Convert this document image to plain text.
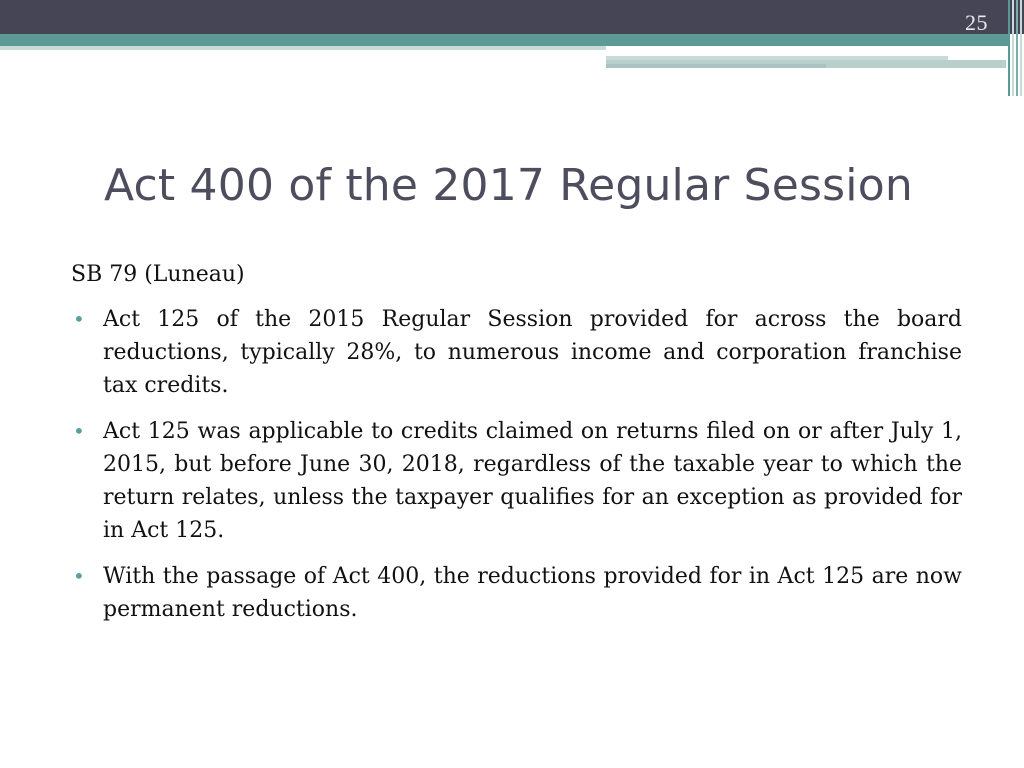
25
Act 400 of the 2017 Regular Session
SB 79 (Luneau)
• Act 125 of the 2015 Regular Session provided for across the board reductions, typically 28%, to numerous income and corporation franchise tax credits.
• Act 125 was applicable to credits claimed on returns filed on or after July 1, 2015, but before June 30, 2018, regardless of the taxable year to which the return relates, unless the taxpayer qualifies for an exception as provided for in Act 125.
• With the passage of Act 400, the reductions provided for in Act 125 are now permanent reductions.
